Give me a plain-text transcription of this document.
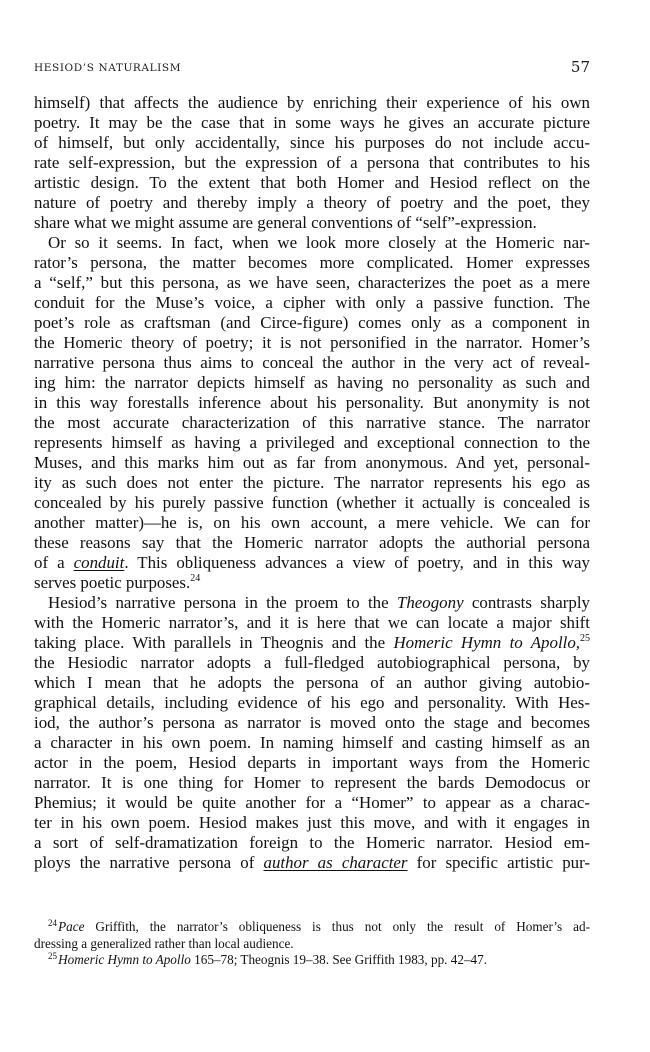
HESIOD’S NATURALISM	57
himself) that affects the audience by enriching their experience of his own
poetry. It may be the case that in some ways he gives an accurate picture
of himself, but only accidentally, since his purposes do not include accu-
rate self-expression, but the expression of a persona that contributes to his
artistic design. To the extent that both Homer and Hesiod reflect on the
nature of poetry and thereby imply a theory of poetry and the poet, they
share what we might assume are general conventions of “self”-expression.
Or so it seems. In fact, when we look more closely at the Homeric nar-
rator’s persona, the matter becomes more complicated. Homer expresses
a “self,” but this persona, as we have seen, characterizes the poet as a mere
conduit for the Muse’s voice, a cipher with only a passive function. The
poet’s role as craftsman (and Circe-figure) comes only as a component in
the Homeric theory of poetry; it is not personified in the narrator. Homer’s
narrative persona thus aims to conceal the author in the very act of reveal-
ing him: the narrator depicts himself as having no personality as such and
in this way forestalls inference about his personality. But anonymity is not
the most accurate characterization of this narrative stance. The narrator
represents himself as having a privileged and exceptional connection to the
Muses, and this marks him out as far from anonymous. And yet, personal-
ity as such does not enter the picture. The narrator represents his ego as
concealed by his purely passive function (whether it actually is concealed is
another matter)—he is, on his own account, a mere vehicle. We can for
these reasons say that the Homeric narrator adopts the authorial persona
of a conduit. This obliqueness advances a view of poetry, and in this way
serves poetic purposes.$^{24}$
Hesiod’s narrative persona in the proem to the Theogony contrasts sharply
with the Homeric narrator’s, and it is here that we can locate a major shift
taking place. With parallels in Theognis and the Homeric Hymn to Apollo,$^{25}$
the Hesiodic narrator adopts a full-fledged autobiographical persona, by
which I mean that he adopts the persona of an author giving autobio-
graphical details, including evidence of his ego and personality. With Hes-
iod, the author’s persona as narrator is moved onto the stage and becomes
a character in his own poem. In naming himself and casting himself as an
actor in the poem, Hesiod departs in important ways from the Homeric
narrator. It is one thing for Homer to represent the bards Demodocus or
Phemius; it would be quite another for a “Homer” to appear as a charac-
ter in his own poem. Hesiod makes just this move, and with it engages in
a sort of self-dramatization foreign to the Homeric narrator. Hesiod em-
ploys the narrative persona of author as character for specific artistic pur-
$^{24}$ Pace Griffith, the narrator’s obliqueness is thus not only the result of Homer’s ad-
dressing a generalized rather than local audience.
$^{25}$ Homeric Hymn to Apollo 165–78; Theognis 19–38. See Griffith 1983, pp. 42–47.
